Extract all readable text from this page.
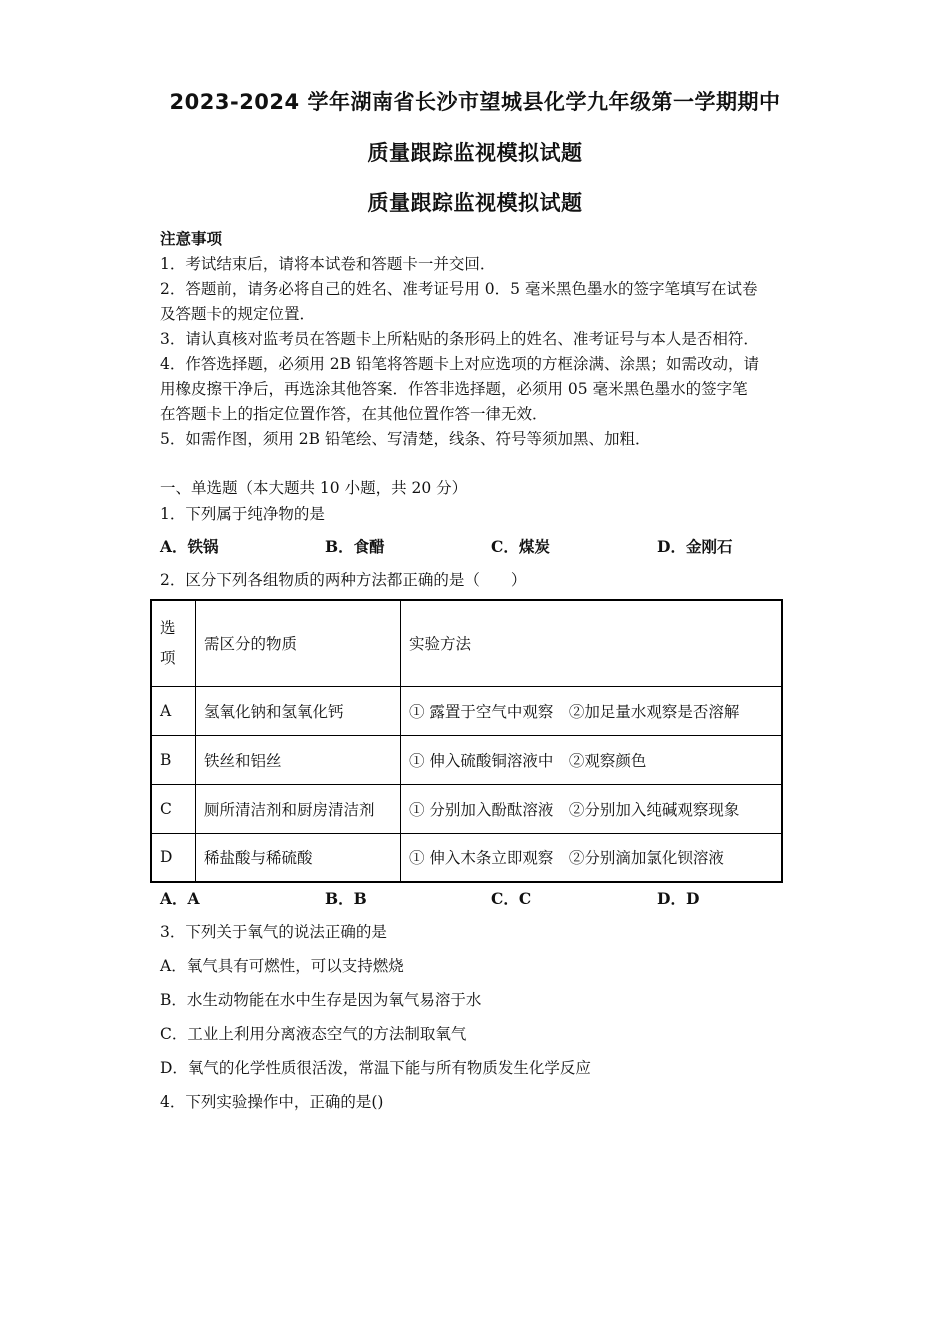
2023-2024 学年湖南省长沙市望城县化学九年级第一学期期中
质量跟踪监视模拟试题
质量跟踪监视模拟试题
注意事项
1．考试结束后，请将本试卷和答题卡一并交回．
2．答题前，请务必将自己的姓名、准考证号用 0．5 毫米黑色墨水的签字笔填写在试卷
及答题卡的规定位置．
3．请认真核对监考员在答题卡上所粘贴的条形码上的姓名、准考证号与本人是否相符．
4．作答选择题，必须用 2B 铅笔将答题卡上对应选项的方框涂满、涂黑；如需改动，请
用橡皮擦干净后，再选涂其他答案．作答非选择题，必须用 05 毫米黑色墨水的签字笔
在答题卡上的指定位置作答，在其他位置作答一律无效．
5．如需作图，须用 2B 铅笔绘、写清楚，线条、符号等须加黑、加粗．
一、单选题（本大题共 10 小题，共 20 分）
1．下列属于纯净物的是
A．铁锅	B．食醋	C．煤炭	D．金刚石
2．区分下列各组物质的两种方法都正确的是（　　）
选
项	需区分的物质	实验方法
A	氢氧化钠和氢氧化钙	① 露置于空气中观察　②加足量水观察是否溶解
B	铁丝和铝丝	① 伸入硫酸铜溶液中　②观察颜色
C	厕所清洁剂和厨房清洁剂	① 分别加入酚酞溶液　②分别加入纯碱观察现象
D	稀盐酸与稀硫酸	① 伸入木条立即观察　②分别滴加氯化钡溶液
A．A	B．B	C．C	D．D
3．下列关于氧气的说法正确的是
A．氧气具有可燃性，可以支持燃烧
B．水生动物能在水中生存是因为氧气易溶于水
C．工业上利用分离液态空气的方法制取氧气
D．氧气的化学性质很活泼，常温下能与所有物质发生化学反应
4．下列实验操作中，正确的是()
